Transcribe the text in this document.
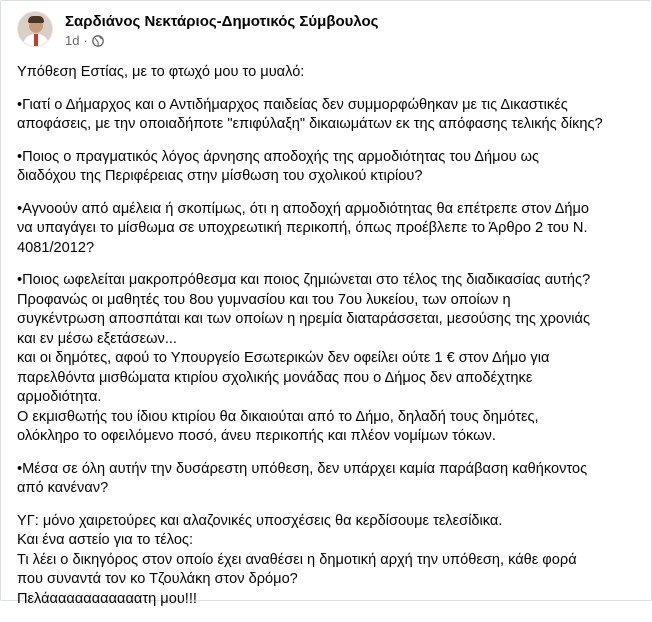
Σαρδιάνος Νεκτάριος-Δημοτικός Σύμβουλος
1d ·

Υπόθεση Εστίας, με το φτωχό μου το μυαλό:

•Γιατί ο Δήμαρχος και ο Αντιδήμαρχος παιδείας δεν συμμορφώθηκαν με τις Δικαστικές
αποφάσεις, με την οποιαδήποτε "επιφύλαξη" δικαιωμάτων εκ της απόφασης τελικής δίκης?

•Ποιος ο πραγματικός λόγος άρνησης αποδοχής της αρμοδιότητας του Δήμου ως
διαδόχου της Περιφέρειας στην μίσθωση του σχολικού κτιρίου?

•Αγνοούν από αμέλεια ή σκοπίμως, ότι η αποδοχή αρμοδιότητας θα επέτρεπε στον Δήμο
να υπαγάγει το μίσθωμα σε υποχρεωτική περικοπή, όπως προέβλεπε το Άρθρο 2 του Ν.
4081/2012?

•Ποιος ωφελείται μακροπρόθεσμα και ποιος ζημιώνεται στο τέλος της διαδικασίας αυτής?
Προφανώς οι μαθητές του 8ου γυμνασίου και του 7ου λυκείου, των οποίων η
συγκέντρωση αποσπάται και των οποίων η ηρεμία διαταράσσεται, μεσούσης της χρονιάς
και εν μέσω εξετάσεων...
και οι δημότες, αφού το Υπουργείο Εσωτερικών δεν οφείλει ούτε 1 € στον Δήμο για
παρελθόντα μισθώματα κτιρίου σχολικής μονάδας που ο Δήμος δεν αποδέχτηκε
αρμοδιότητα.
Ο εκμισθωτής του ίδιου κτιρίου θα δικαιούται από το Δήμο, δηλαδή τους δημότες,
ολόκληρο το οφειλόμενο ποσό, άνευ περικοπής και πλέον νομίμων τόκων.

•Μέσα σε όλη αυτήν την δυσάρεστη υπόθεση, δεν υπάρχει καμία παράβαση καθήκοντος
από κανέναν?

ΥΓ: μόνο χαιρετούρες και αλαζονικές υποσχέσεις θα κερδίσουμε τελεσίδικα.
Και ένα αστείο για το τέλος:
Τι λέει ο δικηγόρος στον οποίο έχει αναθέσει η δημοτική αρχή την υπόθεση, κάθε φορά
που συναντά τον κο Τζουλάκη στον δρόμο?
Πελάααααααααααατη μου!!!
